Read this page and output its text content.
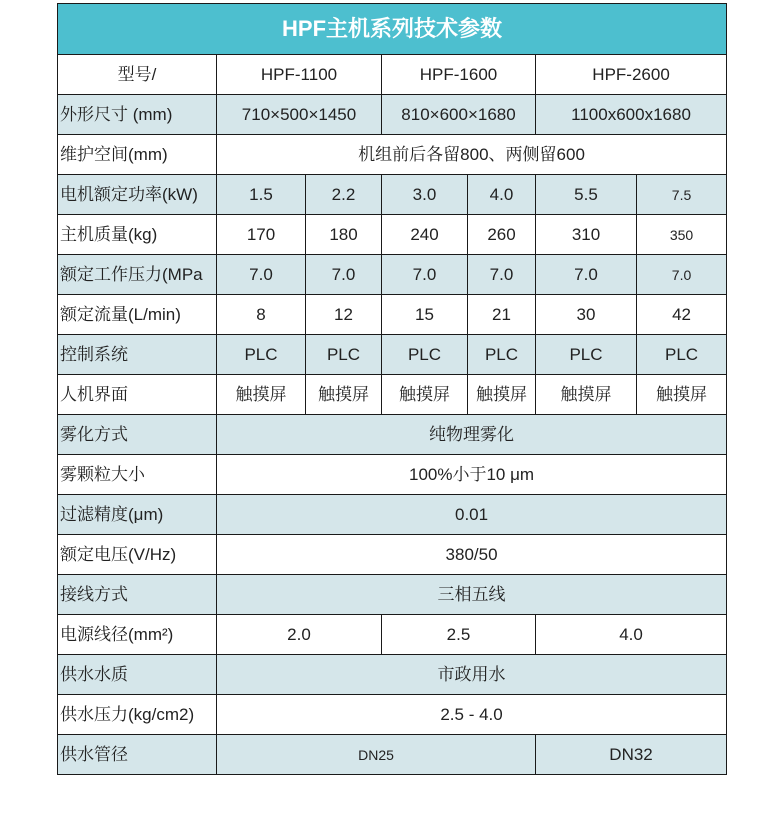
HPF主机系列技术参数						
型号/	HPF-1100		HPF-1600		HPF-2600	
外形尺寸 (mm)	710×500×1450		810×600×1680		1100x600x1680	
维护空间(mm)	机组前后各留800、两侧留600					
电机额定功率(kW)	1.5	2.2	3.0	4.0	5.5	7.5
主机质量(kg)	170	180	240	260	310	350
额定工作压力(MPa	7.0	7.0	7.0	7.0	7.0	7.0
额定流量(L/min)	8	12	15	21	30	42
控制系统	PLC	PLC	PLC	PLC	PLC	PLC
人机界面	触摸屏	触摸屏	触摸屏	触摸屏	触摸屏	触摸屏
雾化方式	纯物理雾化					
雾颗粒大小	100%小于10 μm					
过滤精度(μm)	0.01					
额定电压(V/Hz)	380/50					
接线方式	三相五线					
电源线径(mm²)	2.0		2.5		4.0	
供水水质	市政用水					
供水压力(kg/cm2)	2.5 - 4.0					
供水管径	DN25				DN32	
